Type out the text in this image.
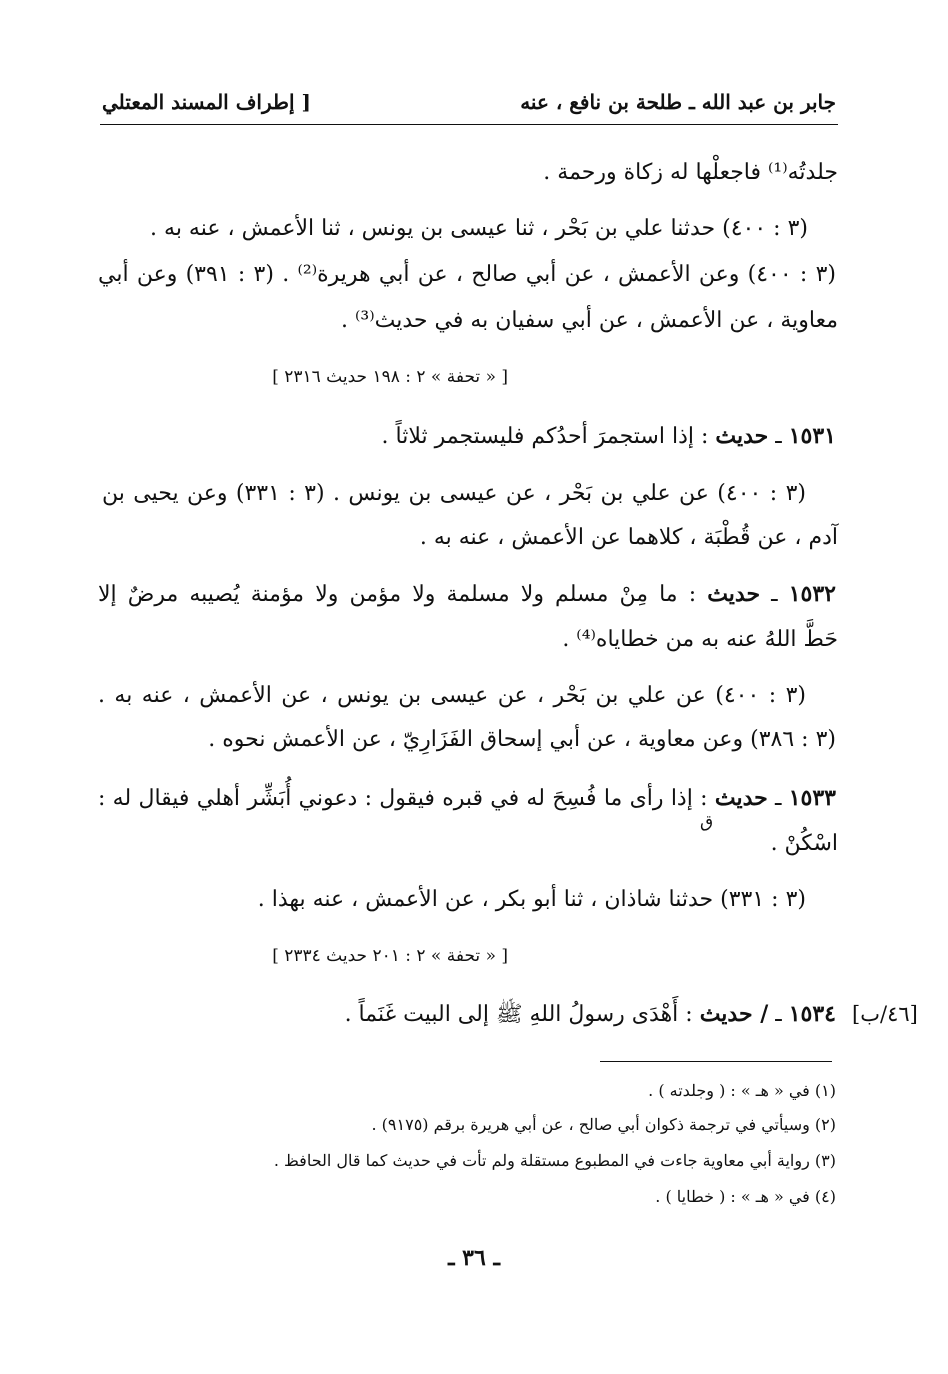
جابر بن عبد الله ـ طلحة بن نافع ، عنه
[ إطراف المسند المعتلي
جلدتُه⁽¹⁾ فاجعلْها له زكاة ورحمة .
(٣ : ٤٠٠) حدثنا علي بن بَحْر ، ثنا عيسى بن يونس ، ثنا الأعمش ، عنه به .
(٣ : ٤٠٠) وعن الأعمش ، عن أبي صالح ، عن أبي هريرة⁽²⁾ . (٣ : ٣٩١) وعن أبي
معاوية ، عن الأعمش ، عن أبي سفيان به في حديث⁽³⁾ .
[ « تحفة » ٢ : ١٩٨ حديث ٢٣١٦ ]
١٥٣١ ـ حديث : إذا استجمرَ أحدُكم فليستجمر ثلاثاً .
(٣ : ٤٠٠) عن علي بن بَحْر ، عن عيسى بن يونس . (٣ : ٣٣١) وعن يحيى بن
آدم ، عن قُطْبَة ، كلاهما عن الأعمش ، عنه به .
١٥٣٢ ـ حديث : ما مِنْ مسلم ولا مسلمة ولا مؤمن ولا مؤمنة يُصيبه مرضٌ إلا
حَطَّ اللهُ عنه به من خطاياه⁽⁴⁾ .
(٣ : ٤٠٠) عن علي بن بَحْر ، عن عيسى بن يونس ، عن الأعمش ، عنه به .
(٣ : ٣٨٦) وعن معاوية ، عن أبي إسحاق الفَزَارِيّ ، عن الأعمش نحوه .
١٥٣٣ ـ حديث : إذا رأى ما فُسِحَ له في قبره فيقول : دعوني أُبَشِّر أهلي فيقال له :
ق
اسْكُنْ .
(٣ : ٣٣١) حدثنا شاذان ، ثنا أبو بكر ، عن الأعمش ، عنه بهذا .
[ « تحفة » ٢ : ٢٠١ حديث ٢٣٣٤ ]
[٤٦/ب]
١٥٣٤ ـ / حديث : أَهْدَى رسولُ اللهِ ﷺ إلى البيت غَنَماً .
(١) في « هـ » : ( وجلدته ) .
(٢) وسيأتي في ترجمة ذكوان أبي صالح ، عن أبي هريرة برقم (٩١٧٥) .
(٣) رواية أبي معاوية جاءت في المطبوع مستقلة ولم تأت في حديث كما قال الحافظ .
(٤) في « هـ » : ( خطايا ) .
ـ ٣٦ ـ
